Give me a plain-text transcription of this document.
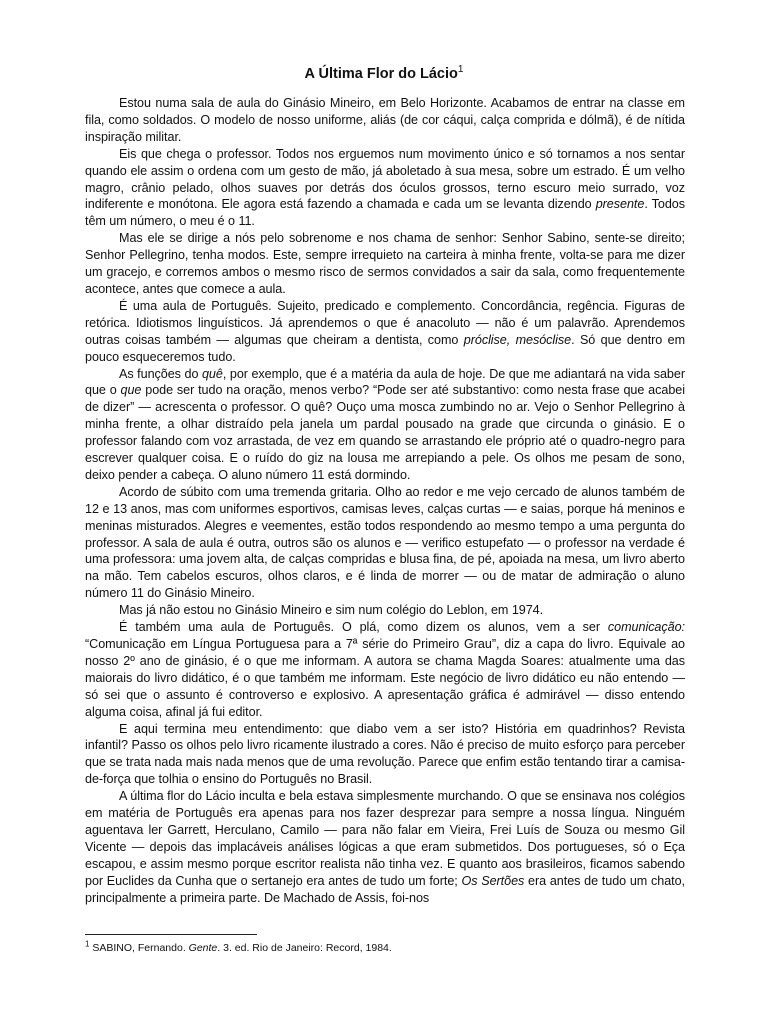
A Última Flor do Lácio$^1$

Estou numa sala de aula do Ginásio Mineiro, em Belo Horizonte. Acabamos de entrar na classe em fila, como soldados. O modelo de nosso uniforme, aliás (de cor cáqui, calça comprida e dólmã), é de nítida inspiração militar.

Eis que chega o professor. Todos nos erguemos num movimento único e só tornamos a nos sentar quando ele assim o ordena com um gesto de mão, já aboletado à sua mesa, sobre um estrado. É um velho magro, crânio pelado, olhos suaves por detrás dos óculos grossos, terno escuro meio surrado, voz indiferente e monótona. Ele agora está fazendo a chamada e cada um se levanta dizendo presente. Todos têm um número, o meu é o 11.

Mas ele se dirige a nós pelo sobrenome e nos chama de senhor: Senhor Sabino, sente-se direito; Senhor Pellegrino, tenha modos. Este, sempre irrequieto na carteira à minha frente, volta-se para me dizer um gracejo, e corremos ambos o mesmo risco de sermos convidados a sair da sala, como frequentemente acontece, antes que comece a aula.

É uma aula de Português. Sujeito, predicado e complemento. Concordância, regência. Figuras de retórica. Idiotismos linguísticos. Já aprendemos o que é anacoluto — não é um palavrão. Aprendemos outras coisas também — algumas que cheiram a dentista, como próclise, mesóclise. Só que dentro em pouco esqueceremos tudo.

As funções do quê, por exemplo, que é a matéria da aula de hoje. De que me adiantará na vida saber que o que pode ser tudo na oração, menos verbo? “Pode ser até substantivo: como nesta frase que acabei de dizer” — acrescenta o professor. O quê? Ouço uma mosca zumbindo no ar. Vejo o Senhor Pellegrino à minha frente, a olhar distraído pela janela um pardal pousado na grade que circunda o ginásio. E o professor falando com voz arrastada, de vez em quando se arrastando ele próprio até o quadro-negro para escrever qualquer coisa. E o ruído do giz na lousa me arrepiando a pele. Os olhos me pesam de sono, deixo pender a cabeça. O aluno número 11 está dormindo.

Acordo de súbito com uma tremenda gritaria. Olho ao redor e me vejo cercado de alunos também de 12 e 13 anos, mas com uniformes esportivos, camisas leves, calças curtas — e saias, porque há meninos e meninas misturados. Alegres e veementes, estão todos respondendo ao mesmo tempo a uma pergunta do professor. A sala de aula é outra, outros são os alunos e — verifico estupefato — o professor na verdade é uma professora: uma jovem alta, de calças compridas e blusa fina, de pé, apoiada na mesa, um livro aberto na mão. Tem cabelos escuros, olhos claros, e é linda de morrer — ou de matar de admiração o aluno número 11 do Ginásio Mineiro.

Mas já não estou no Ginásio Mineiro e sim num colégio do Leblon, em 1974.

É também uma aula de Português. O plá, como dizem os alunos, vem a ser comunicação: “Comunicação em Língua Portuguesa para a 7ª série do Primeiro Grau”, diz a capa do livro. Equivale ao nosso 2º ano de ginásio, é o que me informam. A autora se chama Magda Soares: atualmente uma das maiorais do livro didático, é o que também me informam. Este negócio de livro didático eu não entendo — só sei que o assunto é controverso e explosivo. A apresentação gráfica é admirável — disso entendo alguma coisa, afinal já fui editor.

E aqui termina meu entendimento: que diabo vem a ser isto? História em quadrinhos? Revista infantil? Passo os olhos pelo livro ricamente ilustrado a cores. Não é preciso de muito esforço para perceber que se trata nada mais nada menos que de uma revolução. Parece que enfim estão tentando tirar a camisa-de-força que tolhia o ensino do Português no Brasil.

A última flor do Lácio inculta e bela estava simplesmente murchando. O que se ensinava nos colégios em matéria de Português era apenas para nos fazer desprezar para sempre a nossa língua. Ninguém aguentava ler Garrett, Herculano, Camilo — para não falar em Vieira, Frei Luís de Souza ou mesmo Gil Vicente — depois das implacáveis análises lógicas a que eram submetidos. Dos portugueses, só o Eça escapou, e assim mesmo porque escritor realista não tinha vez. E quanto aos brasileiros, ficamos sabendo por Euclides da Cunha que o sertanejo era antes de tudo um forte; Os Sertões era antes de tudo um chato, principalmente a primeira parte. De Machado de Assis, foi-nos

$^1$ SABINO, Fernando. Gente. 3. ed. Rio de Janeiro: Record, 1984.
